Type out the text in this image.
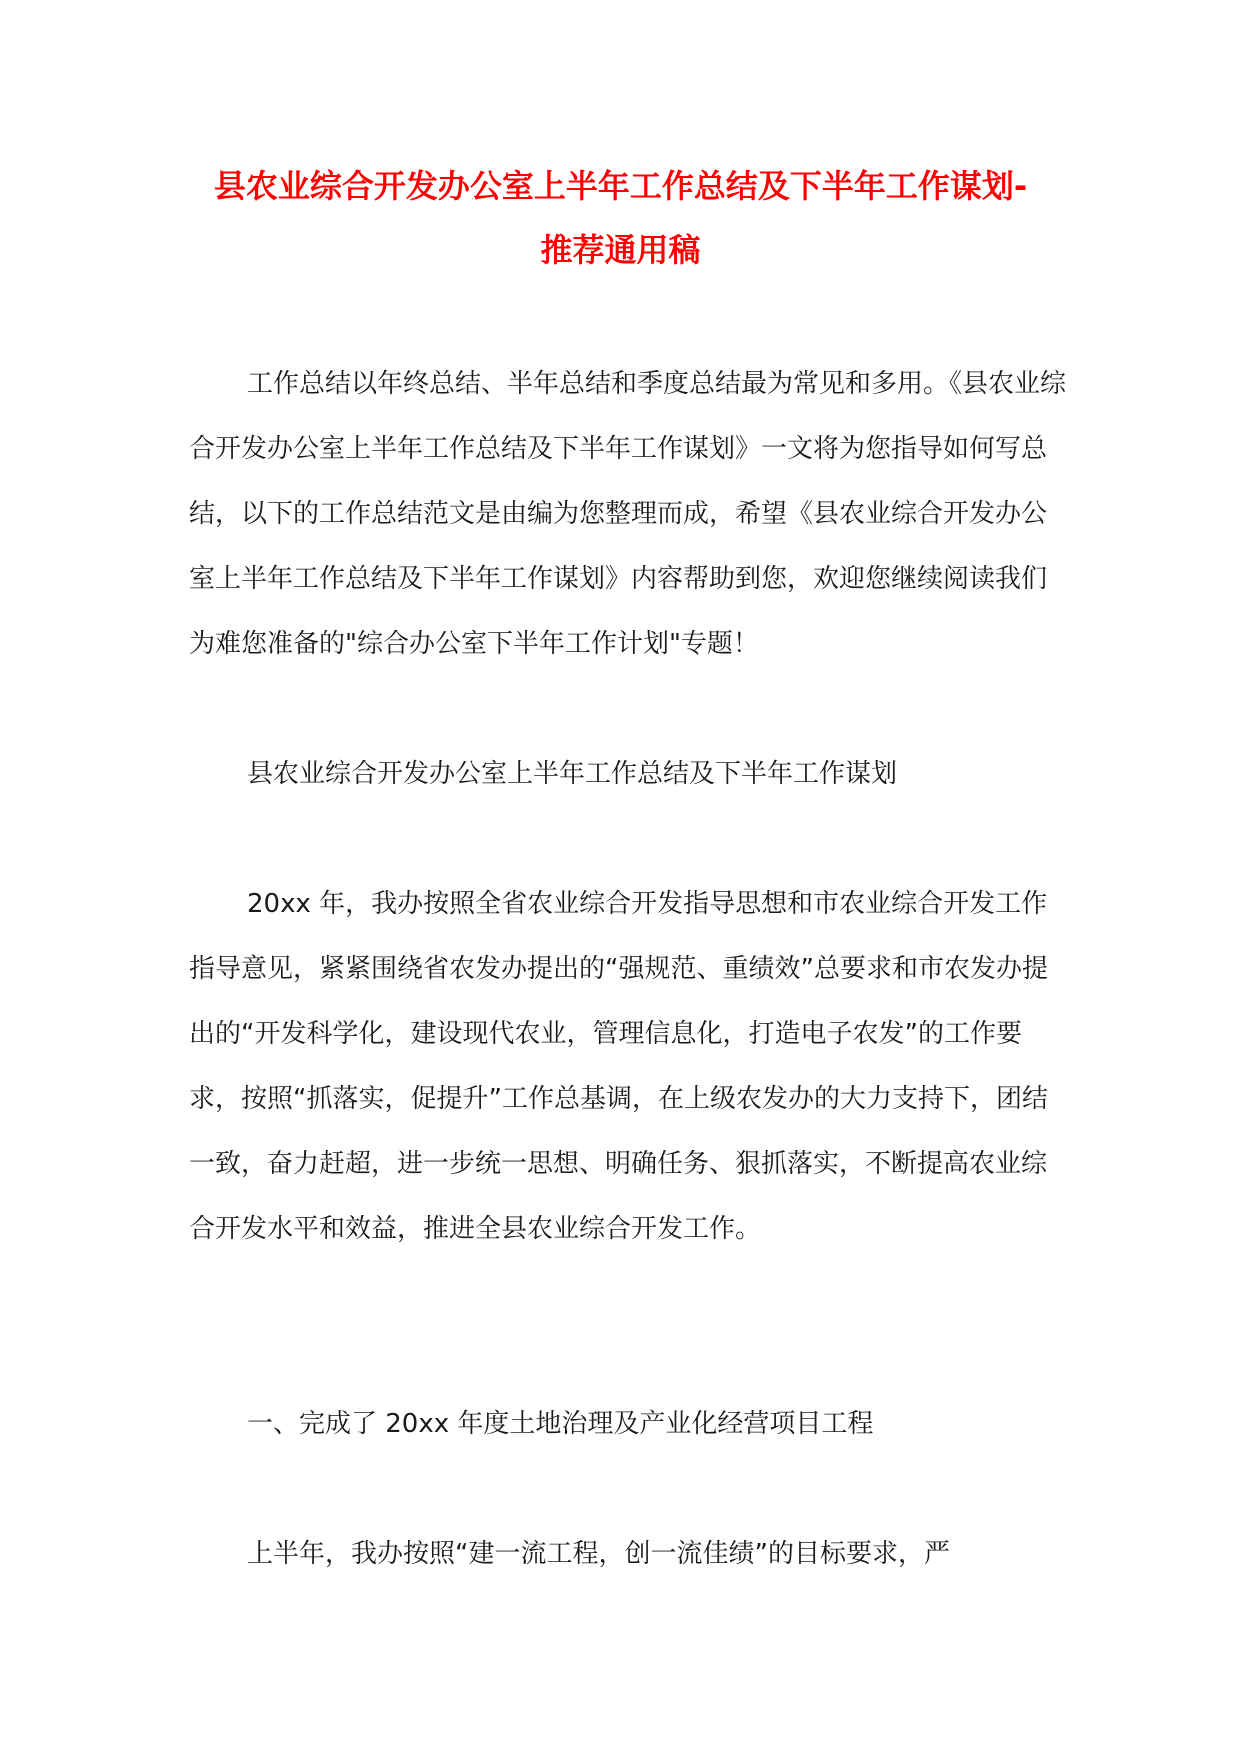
县农业综合开发办公室上半年工作总结及下半年工作谋划-
推荐通用稿

工作总结以年终总结、半年总结和季度总结最为常见和多用。《县农业综合开发办公室上半年工作总结及下半年工作谋划》一文将为您指导如何写总结，以下的工作总结范文是由编为您整理而成，希望《县农业综合开发办公室上半年工作总结及下半年工作谋划》内容帮助到您，欢迎您继续阅读我们为难您准备的"综合办公室下半年工作计划"专题！

县农业综合开发办公室上半年工作总结及下半年工作谋划

20xx 年，我办按照全省农业综合开发指导思想和市农业综合开发工作指导意见，紧紧围绕省农发办提出的“强规范、重绩效”总要求和市农发办提出的“开发科学化，建设现代农业，管理信息化，打造电子农发”的工作要求，按照“抓落实，促提升”工作总基调，在上级农发办的大力支持下，团结一致，奋力赶超，进一步统一思想、明确任务、狠抓落实，不断提高农业综合开发水平和效益，推进全县农业综合开发工作。

一、完成了 20xx 年度土地治理及产业化经营项目工程

上半年，我办按照“建一流工程，创一流佳绩”的目标要求，严
